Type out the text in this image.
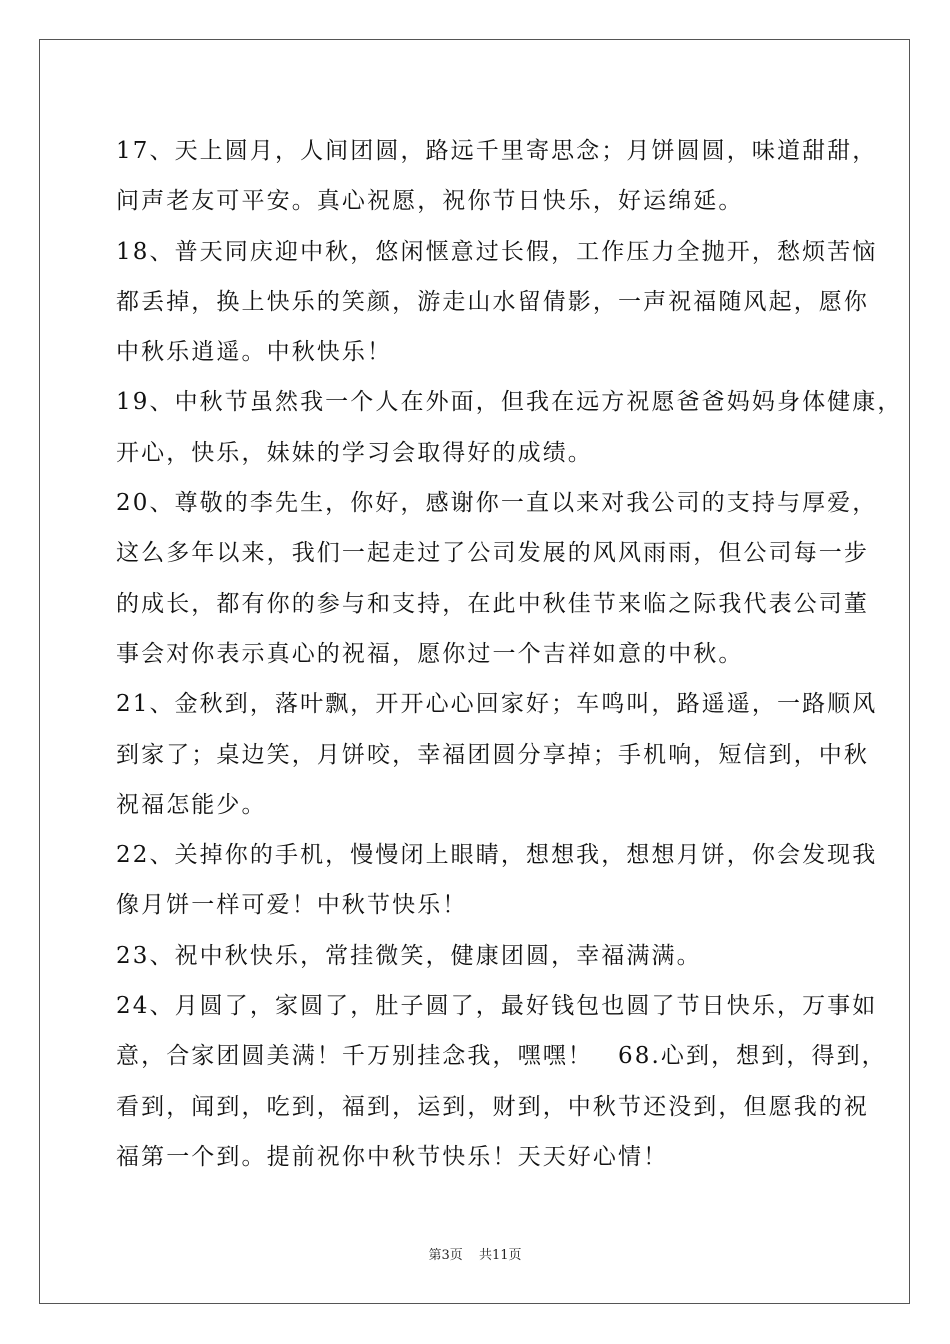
17、天上圆月，人间团圆，路远千里寄思念；月饼圆圆，味道甜甜，
问声老友可平安。真心祝愿，祝你节日快乐，好运绵延。
18、普天同庆迎中秋，悠闲惬意过长假，工作压力全抛开，愁烦苦恼
都丢掉，换上快乐的笑颜，游走山水留倩影，一声祝福随风起，愿你
中秋乐逍遥。中秋快乐！
19、中秋节虽然我一个人在外面，但我在远方祝愿爸爸妈妈身体健康，
开心，快乐，妹妹的学习会取得好的成绩。
20、尊敬的李先生，你好，感谢你一直以来对我公司的支持与厚爱，
这么多年以来，我们一起走过了公司发展的风风雨雨，但公司每一步
的成长，都有你的参与和支持，在此中秋佳节来临之际我代表公司董
事会对你表示真心的祝福，愿你过一个吉祥如意的中秋。
21、金秋到，落叶飘，开开心心回家好；车鸣叫，路遥遥，一路顺风
到家了；桌边笑，月饼咬，幸福团圆分享掉；手机响，短信到，中秋
祝福怎能少。
22、关掉你的手机，慢慢闭上眼睛，想想我，想想月饼，你会发现我
像月饼一样可爱！中秋节快乐！
23、祝中秋快乐，常挂微笑，健康团圆，幸福满满。
24、月圆了，家圆了，肚子圆了，最好钱包也圆了节日快乐，万事如
意，合家团圆美满！千万别挂念我，嘿嘿！　68.心到，想到，得到，
看到，闻到，吃到，福到，运到，财到，中秋节还没到，但愿我的祝
福第一个到。提前祝你中秋节快乐！天天好心情！
第3页 共11页
